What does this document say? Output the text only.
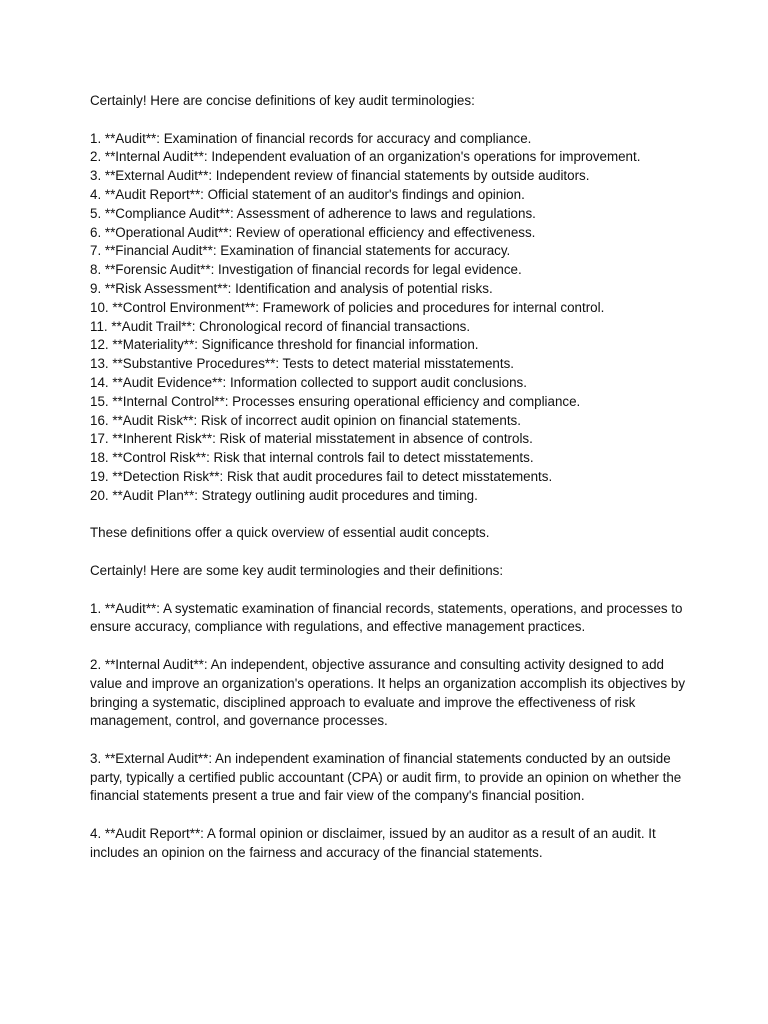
Certainly! Here are concise definitions of key audit terminologies:

1. **Audit**: Examination of financial records for accuracy and compliance.

2. **Internal Audit**: Independent evaluation of an organization's operations for improvement.

3. **External Audit**: Independent review of financial statements by outside auditors.

4. **Audit Report**: Official statement of an auditor's findings and opinion.

5. **Compliance Audit**: Assessment of adherence to laws and regulations.

6. **Operational Audit**: Review of operational efficiency and effectiveness.

7. **Financial Audit**: Examination of financial statements for accuracy.

8. **Forensic Audit**: Investigation of financial records for legal evidence.

9. **Risk Assessment**: Identification and analysis of potential risks.

10. **Control Environment**: Framework of policies and procedures for internal control.

11. **Audit Trail**: Chronological record of financial transactions.

12. **Materiality**: Significance threshold for financial information.

13. **Substantive Procedures**: Tests to detect material misstatements.

14. **Audit Evidence**: Information collected to support audit conclusions.

15. **Internal Control**: Processes ensuring operational efficiency and compliance.

16. **Audit Risk**: Risk of incorrect audit opinion on financial statements.

17. **Inherent Risk**: Risk of material misstatement in absence of controls.

18. **Control Risk**: Risk that internal controls fail to detect misstatements.

19. **Detection Risk**: Risk that audit procedures fail to detect misstatements.

20. **Audit Plan**: Strategy outlining audit procedures and timing.

These definitions offer a quick overview of essential audit concepts.

Certainly! Here are some key audit terminologies and their definitions:

1. **Audit**: A systematic examination of financial records, statements, operations, and processes to ensure accuracy, compliance with regulations, and effective management practices.

2. **Internal Audit**: An independent, objective assurance and consulting activity designed to add value and improve an organization's operations. It helps an organization accomplish its objectives by bringing a systematic, disciplined approach to evaluate and improve the effectiveness of risk management, control, and governance processes.

3. **External Audit**: An independent examination of financial statements conducted by an outside party, typically a certified public accountant (CPA) or audit firm, to provide an opinion on whether the financial statements present a true and fair view of the company's financial position.

4. **Audit Report**: A formal opinion or disclaimer, issued by an auditor as a result of an audit. It includes an opinion on the fairness and accuracy of the financial statements.
